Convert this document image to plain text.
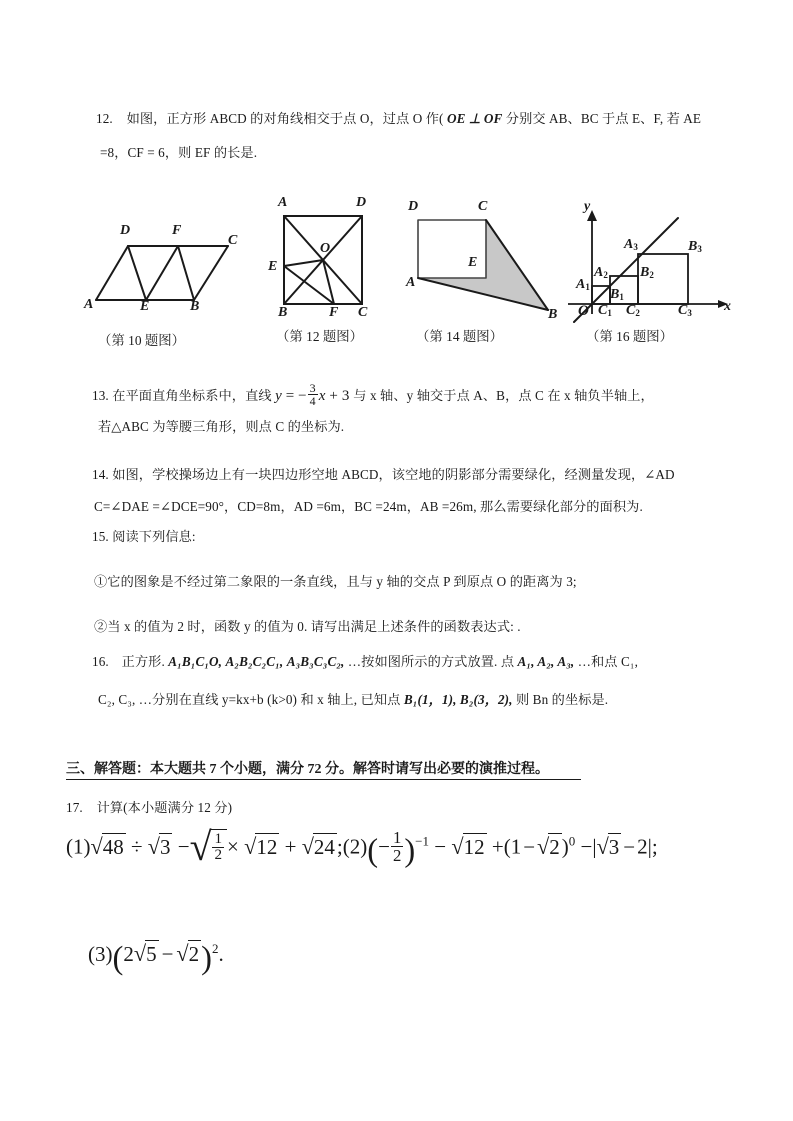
12. 如图，正方形 ABCD 的对角线相交于点 O，过点 O 作( OE ⊥ OF 分别交 AB、BC 于点 E、F, 若 AE
=8，CF = 6，则 EF 的长是.
A	E	B
D	F
C
（第 10 题图）
A	D
O
E
B	F C
（第 12 题图）
D	C
E
A
B
（第 14 题图）
y
x
O
A1
A2
A3
B1
B2
B3
C1 C2	C3
（第 16 题图）
13. 在平面直角坐标系中，直线 y = − $\frac{3}{4}$ x + 3 与 x 轴、y 轴交于点 A、B，点 C 在 x 轴负半轴上，
若△ABC 为等腰三角形，则点 C 的坐标为.
14. 如图，学校操场边上有一块四边形空地 ABCD，该空地的阴影部分需要绿化，经测量发现，∠AD
C=∠DAE =∠DCE=90°，CD=8m，AD =6m，BC =24m，AB =26m, 那么需要绿化部分的面积为.
15. 阅读下列信息:
①它的图象是不经过第二象限的一条直线，且与 y 轴的交点 P 到原点 O 的距离为 3;
②当 x 的值为 2 时，函数 y 的值为 0. 请写出满足上述条件的函数表达式: .
16. 正方形. A₁B₁C₁O, A₂B₂C₂C₁, A₃B₃C₃C₂, …按如图所示的方式放置. 点 A₁, A₂, A₃, …和点 C₁,
C₂, C₃, …分别在直线 y=kx+b (k>0) 和 x 轴上, 已知点 B₁(1，1), B₂(3，2), 则 Bn 的坐标是.
三、解答题：本大题共 7 个小题，满分 72 分。解答时请写出必要的演推过程。
17. 计算(本小题满分 12 分)
(1)√48 ÷ √3 −√ $\frac{1}{2} \times √12$ + √24;(2)(− $\frac{1}{2} )^{-1} - √12 +(1-√2)^0 -|√3 -2|$;
$(3)(2√5 - √2)^2$.
